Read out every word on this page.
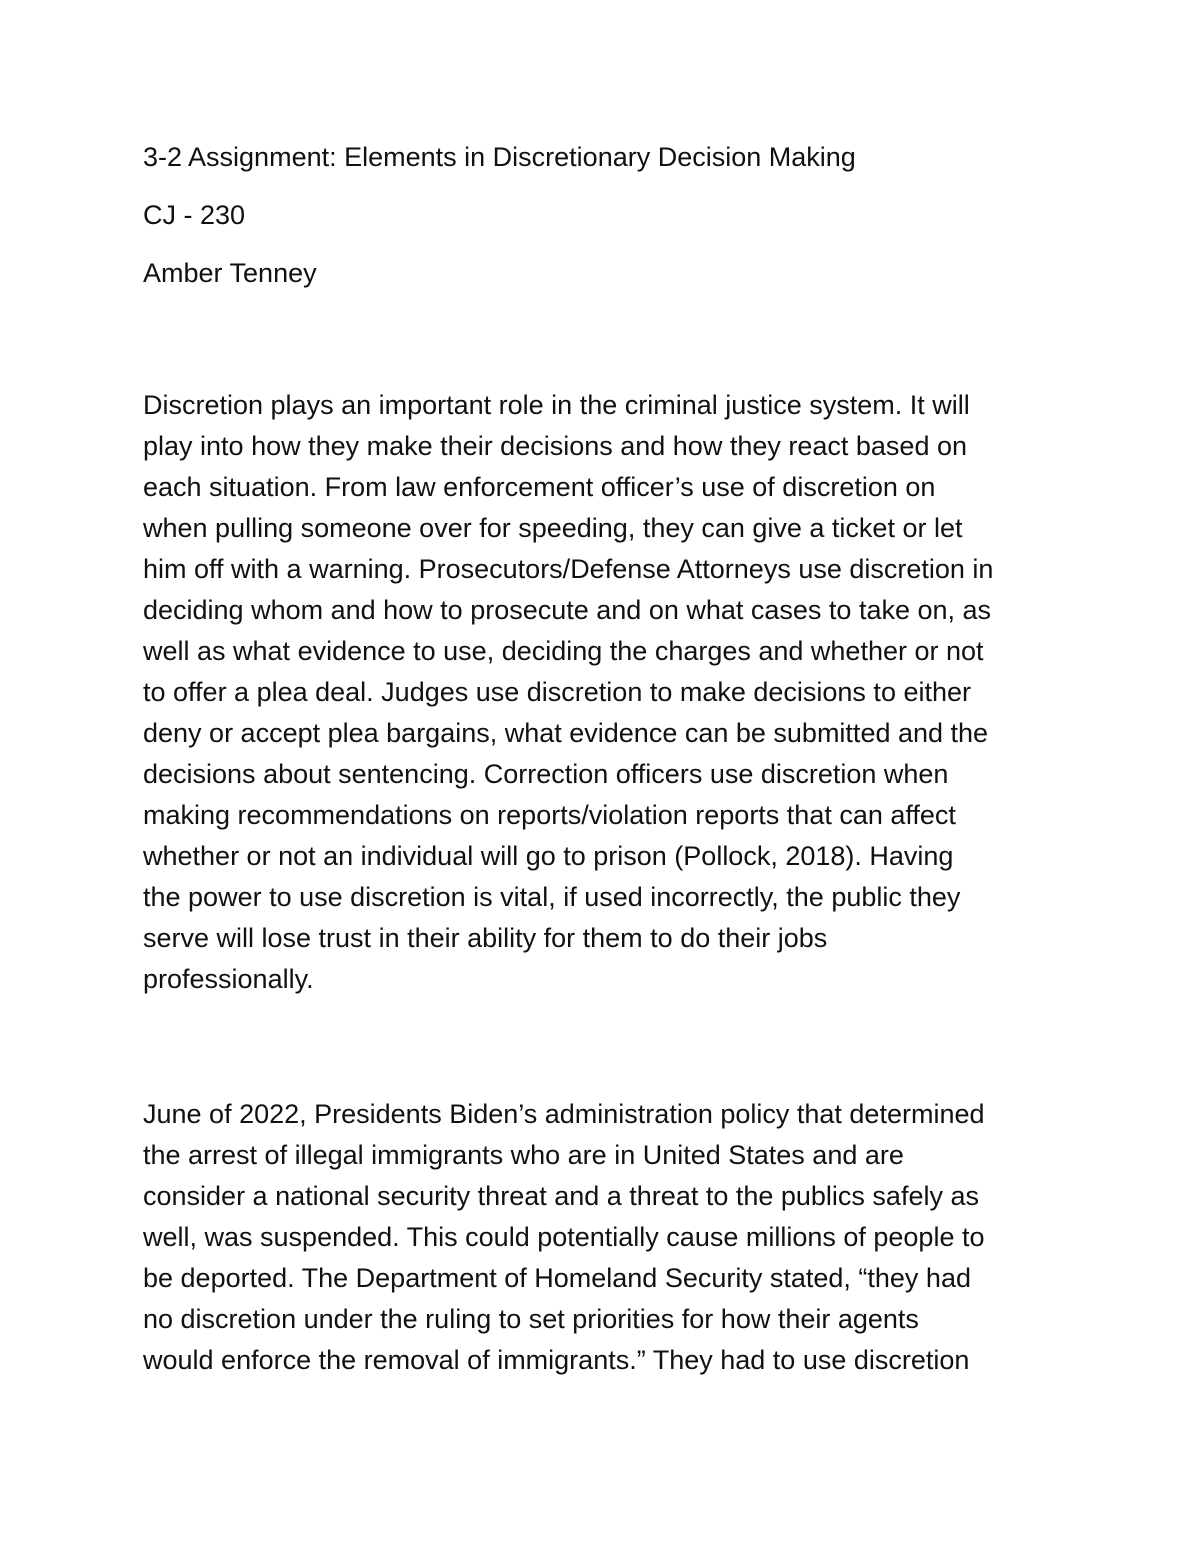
3-2 Assignment: Elements in Discretionary Decision Making
CJ - 230
Amber Tenney
Discretion plays an important role in the criminal justice system. It will
play into how they make their decisions and how they react based on
each situation. From law enforcement officer’s use of discretion on
when pulling someone over for speeding, they can give a ticket or let
him off with a warning. Prosecutors/Defense Attorneys use discretion in
deciding whom and how to prosecute and on what cases to take on, as
well as what evidence to use, deciding the charges and whether or not
to offer a plea deal. Judges use discretion to make decisions to either
deny or accept plea bargains, what evidence can be submitted and the
decisions about sentencing. Correction officers use discretion when
making recommendations on reports/violation reports that can affect
whether or not an individual will go to prison (Pollock, 2018). Having
the power to use discretion is vital, if used incorrectly, the public they
serve will lose trust in their ability for them to do their jobs
professionally.
June of 2022, Presidents Biden’s administration policy that determined
the arrest of illegal immigrants who are in United States and are
consider a national security threat and a threat to the publics safely as
well, was suspended. This could potentially cause millions of people to
be deported. The Department of Homeland Security stated, “they had
no discretion under the ruling to set priorities for how their agents
would enforce the removal of immigrants.” They had to use discretion
